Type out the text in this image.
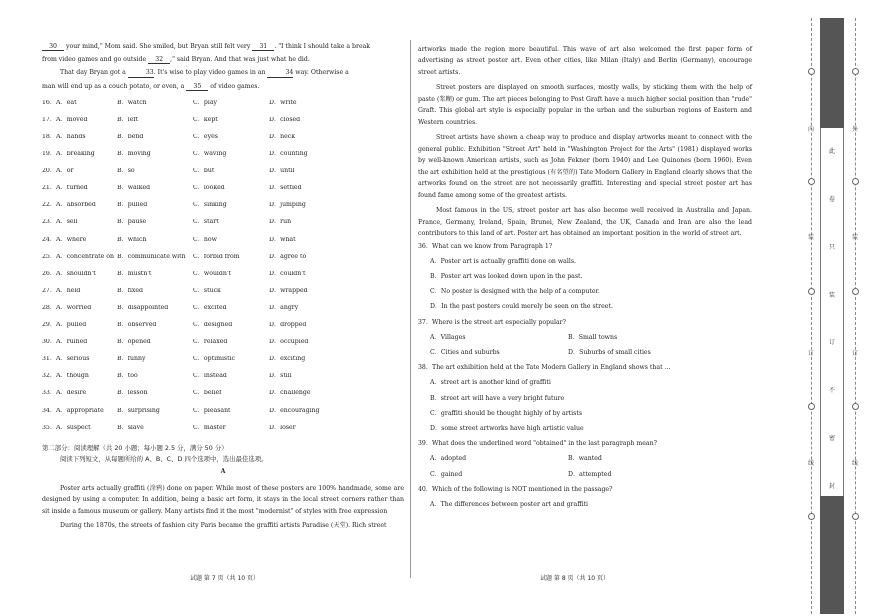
30 your mind," Mom said. She smiled, but Bryan still felt very 31 . "I think I should take a break

from video games and go outside 32 ," said Bryan. And that was just what he did.

That day Bryan got a	33. It's wise to play video games in an	34 way. Otherwise a

man will end up as a couch potato, or even, a 35 of video games.

16．A．eat	B．watch	C．play	D．write
17．A．moved	B．left	C．kept	D．closed
18．A．hands	B．bend	C．eyes	D．neck
19．A．breaking	B．moving	C．waving	D．counting
20．A．or	B．so	C．but	D．until
21．A．turned	B．walked	C．looked	D．settled
22．A．absorbed	B．pulled	C．sinking	D．jumping
23．A．sell	B．pause	C．start	D．run
24．A．where	B．which	C．how	D．what
25．A．concentrate on B．communicate with	C．forbid from	D．agree to
26．A．shouldn't	B．mustn't	C．wouldn't	D．couldn't
27．A．held	B．fixed	C．stuck	D．wrapped
28．A．worried	B．disappointed	C．excited	D．angry
29．A．pulled	B．observed	C．designed	D．dropped
30．A．ruined	B．opened	C．relaxed	D．occupied
31．A．serious	B．funny	C．optimistic	D．exciting
32．A．though	B．too	C．instead	D．still
33．A．desire	B．lesson	C．belief	D．challenge
34．A．appropriate	B．surprising	C．pleasant	D．encouraging
35．A．suspect	B．slave	C．master	D．loser
第二部分：阅读理解（共 20 小题；每小题 2.5 分，满分 50 分）
阅读下列短文，从每题所给的 A、B、C、D 四个选项中，选出最佳选项。
A

Poster arts actually graffiti (涂鸦) done on paper. While most of these posters are 100% handmade, some are designed by using a computer. In addition, being a basic art form, it stays in the local street corners rather than sit inside a famous museum or gallery. Many artists find it the most "modernist" of styles with free expression

During the 1870s, the streets of fashion city Paris became the graffiti artists Paradise (天堂). Rich street

artworks made the region more beautiful. This wave of art also welcomed the first paper form of advertising as street poster art. Even other cities, like Milan (Italy) and Berlin (Germany), encourage street artists.

Street posters are displayed on smooth surfaces, mostly walls, by sticking them with the help of paste (浆糊) or gum. The art pieces belonging to Post Graft have a much higher social position than "rude" Graft. This global art style is especially popular in the urban and the suburban regions of Eastern and Western countries.

Street artists have shown a cheap way to produce and display artworks meant to connect with the general public. Exhibition "Street Art" held in "Washington Project for the Arts" (1981) displayed works by well-known American artists, such as John Fekner (born 1940) and Lee Quinones (born 1960). Even the art exhibition held at the prestigious (有名望的) Tate Modern Gallery in England clearly shows that the artworks found on the street are not necessarily graffiti. Interesting and special street poster art has found fame among some of the greatest artists.

Most famous in the US, street poster art has also become well received in Australia and Japan. France, Germany, Ireland, Spain, Brunei, New Zealand, the UK, Canada and Iran are also the lead contributors to this land of art. Poster art has obtained an important position in the world of street art.

36．What can we know from Paragraph 1?
A．Poster art is actually graffiti done on walls.
B．Poster art was looked down upon in the past.
C．No poster is designed with the help of a computer.
D．In the past posters could merely be seen on the street.
37．Where is the street art especially popular?
A．Villages	B．Small towns
C．Cities and suburbs	D．Suburbs of small cities
38．The art exhibition held at the Tate Modern Gallery in England shows that ...
A．street art is another kind of graffiti
B．street art will have a very bright future
C．graffiti should be thought highly of by artists
D．some street artworks have high artistic value
39．What does the underlined word "obtained" in the last paragraph mean?
A．adopted	B．wanted
C．gained	D．attempted
40．Which of the following is NOT mentioned in the passage?
A．The differences between poster art and graffiti
试题 第 7 页（共 10 页）	试题 第 8 页（共 10 页）
此
卷
只
装
订
不
密
封
内
装
订
线
外
装
订
线
